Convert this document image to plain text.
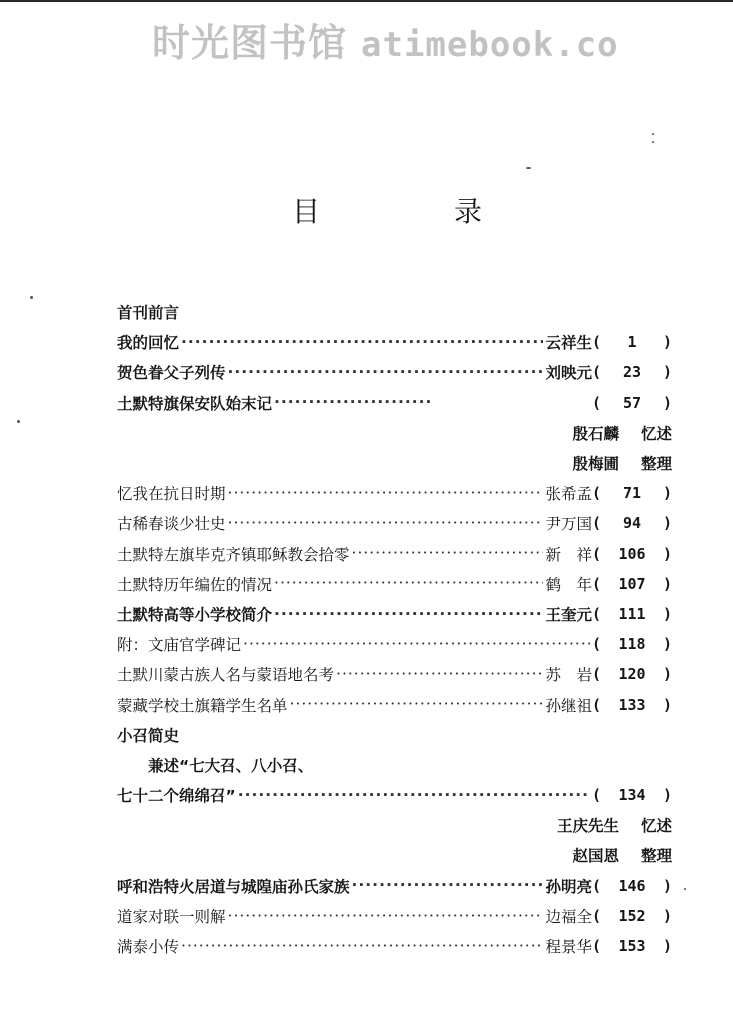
时光图书馆 atimebook.co
目	录
首刊前言
我的回忆 ·····	云祥生 (	1	)
贺色眷父子列传 ·····	刘映元 (	23	)
土默特旗保安队始末记 ·····	(	57	)
殷石麟 忆述
殷梅圃 整理
忆我在抗日时期 ·····	张希孟 (	71	)
古稀春谈少壮史 ·····	尹万国 (	94	)
土默特左旗毕克齐镇耶稣教会拾零 ·····	新　祥 (	106	)
土默特历年编佐的情况 ·····	鹤　年 (	107	)
土默特高等小学校简介 ·····	王奎元 (	111	)
附：文庙官学碑记 ·····	(	118	)
土默川蒙古族人名与蒙语地名考 ·····	苏　岩 (	120	)
蒙藏学校土旗籍学生名单 ·····	孙继祖 (	133	)
小召简史
兼述“七大召、八小召、
七十二个绵绵召” ·····	(	134	)
王庆先生 忆述
赵国恩 整理
呼和浩特火居道与城隍庙孙氏家族 ·····	孙明亮 (	146	)
道家对联一则解 ·····	边福全 (	152	)
满泰小传 ·····	程景华 (	153	)
